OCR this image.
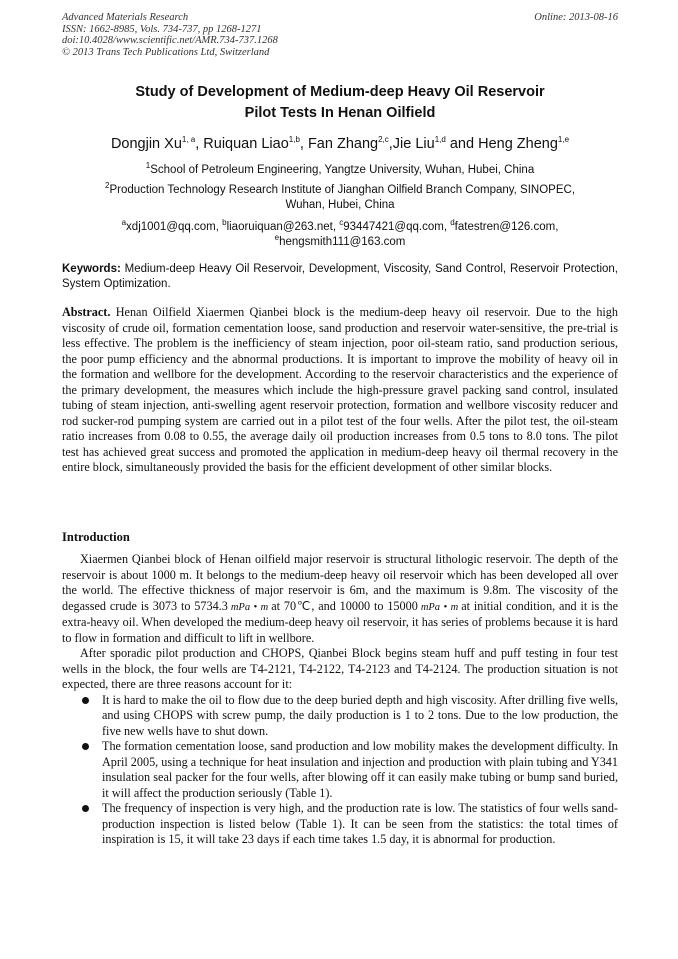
Advanced Materials Research
ISSN: 1662-8985, Vols. 734-737, pp 1268-1271
doi:10.4028/www.scientific.net/AMR.734-737.1268
© 2013 Trans Tech Publications Ltd, Switzerland
Online: 2013-08-16
Study of Development of Medium-deep Heavy Oil Reservoir
Pilot Tests In Henan Oilfield
Dongjin Xu$^{1, a}$, Ruiquan Liao$^{1,b}$, Fan Zhang$^{2,c}$,Jie Liu$^{1,d}$ and Heng Zheng$^{1,e}$
$^1$School of Petroleum Engineering, Yangtze University, Wuhan, Hubei, China
$^2$Production Technology Research Institute of Jianghan Oilfield Branch Company, SINOPEC,
Wuhan, Hubei, China
$^a$xdj1001@qq.com, $^b$liaoruiquan@263.net, $^c$93447421@qq.com, $^d$fatestren@126.com,
$^e$hengsmith111@163.com
Keywords: Medium-deep Heavy Oil Reservoir, Development, Viscosity, Sand Control, Reservoir Protection, System Optimization.
Abstract. Henan Oilfield Xiaermen Qianbei block is the medium-deep heavy oil reservoir. Due to the high viscosity of crude oil, formation cementation loose, sand production and reservoir water-sensitive, the pre-trial is less effective. The problem is the inefficiency of steam injection, poor oil-steam ratio, sand production serious, the poor pump efficiency and the abnormal productions. It is important to improve the mobility of heavy oil in the formation and wellbore for the development. According to the reservoir characteristics and the experience of the primary development, the measures which include the high-pressure gravel packing sand control, insulated tubing of steam injection, anti-swelling agent reservoir protection, formation and wellbore viscosity reducer and rod sucker-rod pumping system are carried out in a pilot test of the four wells. After the pilot test, the oil-steam ratio increases from 0.08 to 0.55, the average daily oil production increases from 0.5 tons to 8.0 tons. The pilot test has achieved great success and promoted the application in medium-deep heavy oil thermal recovery in the entire block, simultaneously provided the basis for the efficient development of other similar blocks.
Introduction

Xiaermen Qianbei block of Henan oilfield major reservoir is structural lithologic reservoir. The depth of the reservoir is about 1000 m. It belongs to the medium-deep heavy oil reservoir which has been developed all over the world. The effective thickness of major reservoir is 6m, and the maximum is 9.8m. The viscosity of the degassed crude is 3073 to 5734.3 mPa • m at 70℃, and 10000 to 15000 mPa • m at initial condition, and it is the extra-heavy oil. When developed the medium-deep heavy oil reservoir, it has series of problems because it is hard to flow in formation and difficult to lift in wellbore.

After sporadic pilot production and CHOPS, Qianbei Block begins steam huff and puff testing in four test wells in the block, the four wells are T4-2121, T4-2122, T4-2123 and T4-2124. The production situation is not expected, there are three reasons account for it:

It is hard to make the oil to flow due to the deep buried depth and high viscosity. After drilling five wells, and using CHOPS with screw pump, the daily production is 1 to 2 tons. Due to the low production, the five new wells have to shut down.
The formation cementation loose, sand production and low mobility makes the development difficulty. In April 2005, using a technique for heat insulation and injection and production with plain tubing and Y341 insulation seal packer for the four wells, after blowing off it can easily make tubing or bump sand buried, it will affect the production seriously (Table 1).
The frequency of inspection is very high, and the production rate is low. The statistics of four wells sand-production inspection is listed below (Table 1). It can be seen from the statistics: the total times of inspiration is 15, it will take 23 days if each time takes 1.5 day, it is abnormal for production.
